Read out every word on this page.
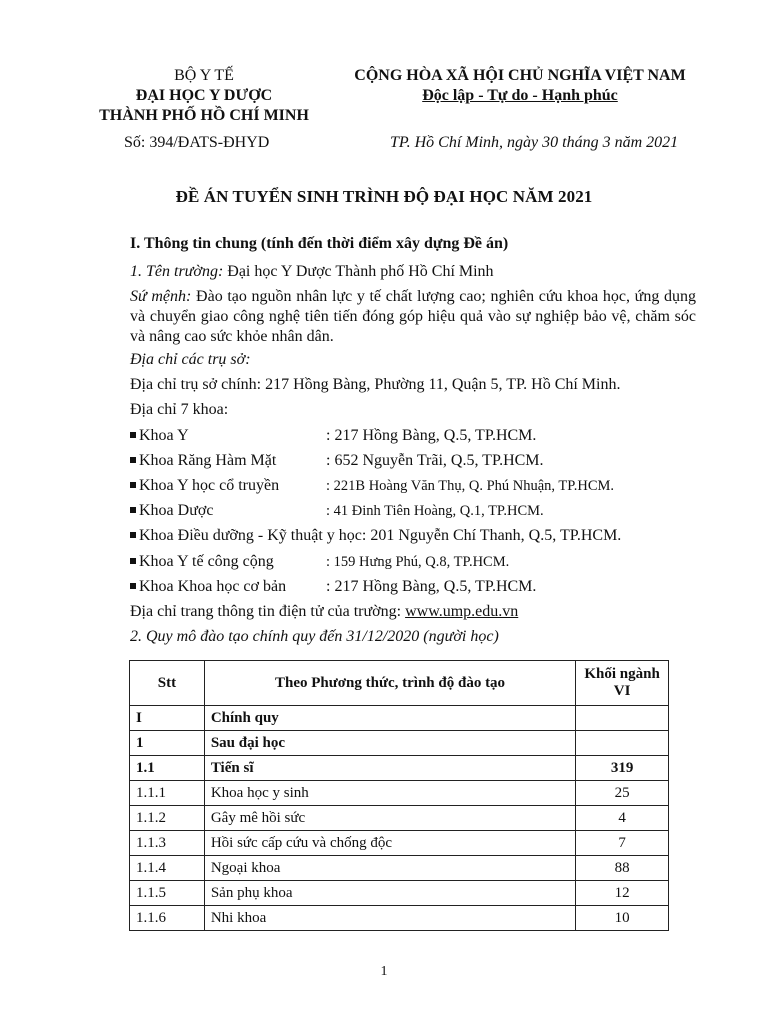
BỘ Y TẾ
ĐẠI HỌC Y DƯỢC
THÀNH PHỐ HỒ CHÍ MINH
CỘNG HÒA XÃ HỘI CHỦ NGHĨA VIỆT NAM
Độc lập - Tự do - Hạnh phúc
Số: 394/ĐATS-ĐHYD	TP. Hồ Chí Minh, ngày 30 tháng 3 năm 2021
ĐỀ ÁN TUYỂN SINH TRÌNH ĐỘ ĐẠI HỌC NĂM 2021
I. Thông tin chung (tính đến thời điểm xây dựng Đề án)
1. Tên trường: Đại học Y Dược Thành phố Hồ Chí Minh
Sứ mệnh: Đào tạo nguồn nhân lực y tế chất lượng cao; nghiên cứu khoa học, ứng dụng và chuyển giao công nghệ tiên tiến đóng góp hiệu quả vào sự nghiệp bảo vệ, chăm sóc và nâng cao sức khỏe nhân dân.
Địa chỉ các trụ sở:
Địa chỉ trụ sở chính: 217 Hồng Bàng, Phường 11, Quận 5, TP. Hồ Chí Minh.
Địa chỉ 7 khoa:
Khoa Y	: 217 Hồng Bàng, Q.5, TP.HCM.
Khoa Răng Hàm Mặt	: 652 Nguyễn Trãi, Q.5, TP.HCM.
Khoa Y học cổ truyền	: 221B Hoàng Văn Thụ, Q. Phú Nhuận, TP.HCM.
Khoa Dược	: 41 Đinh Tiên Hoàng, Q.1, TP.HCM.
Khoa Điều dưỡng - Kỹ thuật y học: 201 Nguyễn Chí Thanh, Q.5, TP.HCM.
Khoa Y tế công cộng	: 159 Hưng Phú, Q.8, TP.HCM.
Khoa Khoa học cơ bản : 217 Hồng Bàng, Q.5, TP.HCM.
Địa chỉ trang thông tin điện tử của trường: www.ump.edu.vn
2. Quy mô đào tạo chính quy đến 31/12/2020 (người học)
Stt	Theo Phương thức, trình độ đào tạo	Khối ngành VI
I	Chính quy	
1	Sau đại học	
1.1	Tiến sĩ	319
1.1.1	Khoa học y sinh	25
1.1.2	Gây mê hồi sức	4
1.1.3	Hồi sức cấp cứu và chống độc	7
1.1.4	Ngoại khoa	88
1.1.5	Sản phụ khoa	12
1.1.6	Nhi khoa	10
1
